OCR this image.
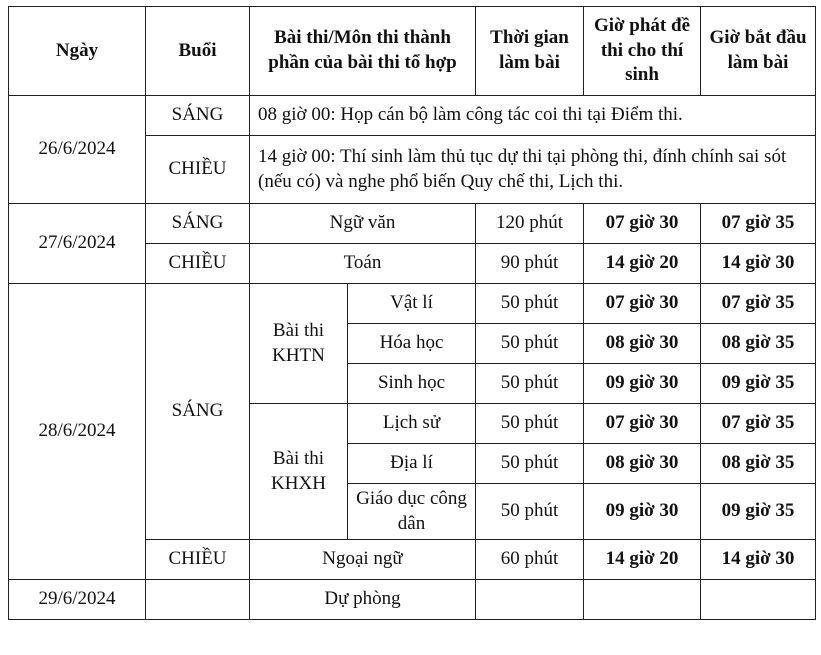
Ngày	Buổi	Bài thi/Môn thi thành phần của bài thi tổ hợp		Thời gian làm bài	Giờ phát đề thi cho thí sinh	Giờ bắt đầu làm bài
26/6/2024	SÁNG	08 giờ 00: Họp cán bộ làm công tác coi thi tại Điểm thi.				
	CHIỀU	14 giờ 00: Thí sinh làm thủ tục dự thi tại phòng thi, đính chính sai sót (nếu có) và nghe phổ biến Quy chế thi, Lịch thi.				
27/6/2024	SÁNG	Ngữ văn		120 phút	07 giờ 30	07 giờ 35
	CHIỀU	Toán		90 phút	14 giờ 20	14 giờ 30
28/6/2024	SÁNG	Bài thi KHTN	Vật lí	50 phút	07 giờ 30	07 giờ 35
			Hóa học	50 phút	08 giờ 30	08 giờ 35
			Sinh học	50 phút	09 giờ 30	09 giờ 35
		Bài thi KHXH	Lịch sử	50 phút	07 giờ 30	07 giờ 35
			Địa lí	50 phút	08 giờ 30	08 giờ 35
			Giáo dục công dân	50 phút	09 giờ 30	09 giờ 35
	CHIỀU	Ngoại ngữ		60 phút	14 giờ 20	14 giờ 30
29/6/2024		Dự phòng				
